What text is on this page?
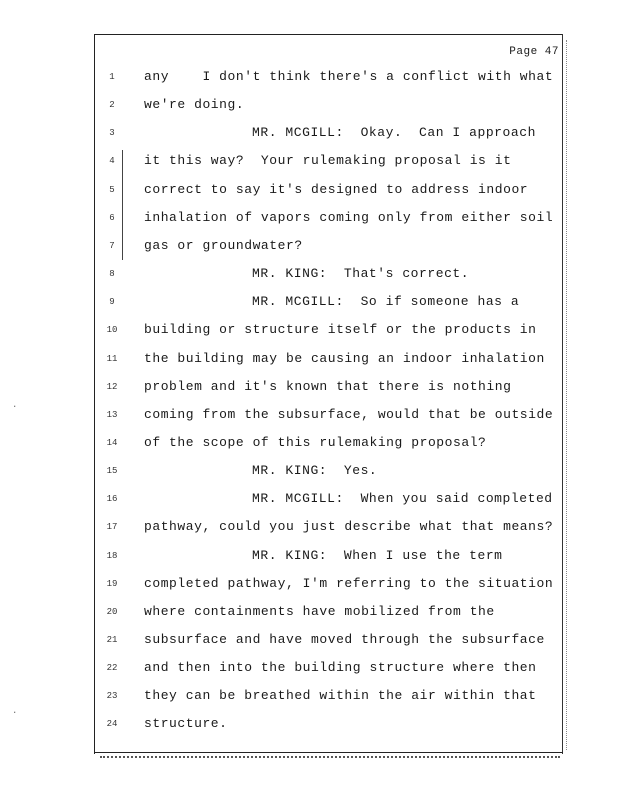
Page 47
1	any    I don't think there's a conflict with what
2	we're doing.
3	MR. MCGILL:  Okay.  Can I approach
4	it this way?  Your rulemaking proposal is it
5	correct to say it's designed to address indoor
6	inhalation of vapors coming only from either soil
7	gas or groundwater?
8	MR. KING:  That's correct.
9	MR. MCGILL:  So if someone has a
10	building or structure itself or the products in
11	the building may be causing an indoor inhalation
12	problem and it's known that there is nothing
13	coming from the subsurface, would that be outside
14	of the scope of this rulemaking proposal?
15	MR. KING:  Yes.
16	MR. MCGILL:  When you said completed
17	pathway, could you just describe what that means?
18	MR. KING:  When I use the term
19	completed pathway, I'm referring to the situation
20	where containments have mobilized from the
21	subsurface and have moved through the subsurface
22	and then into the building structure where then
23	they can be breathed within the air within that
24	structure.
·
·
